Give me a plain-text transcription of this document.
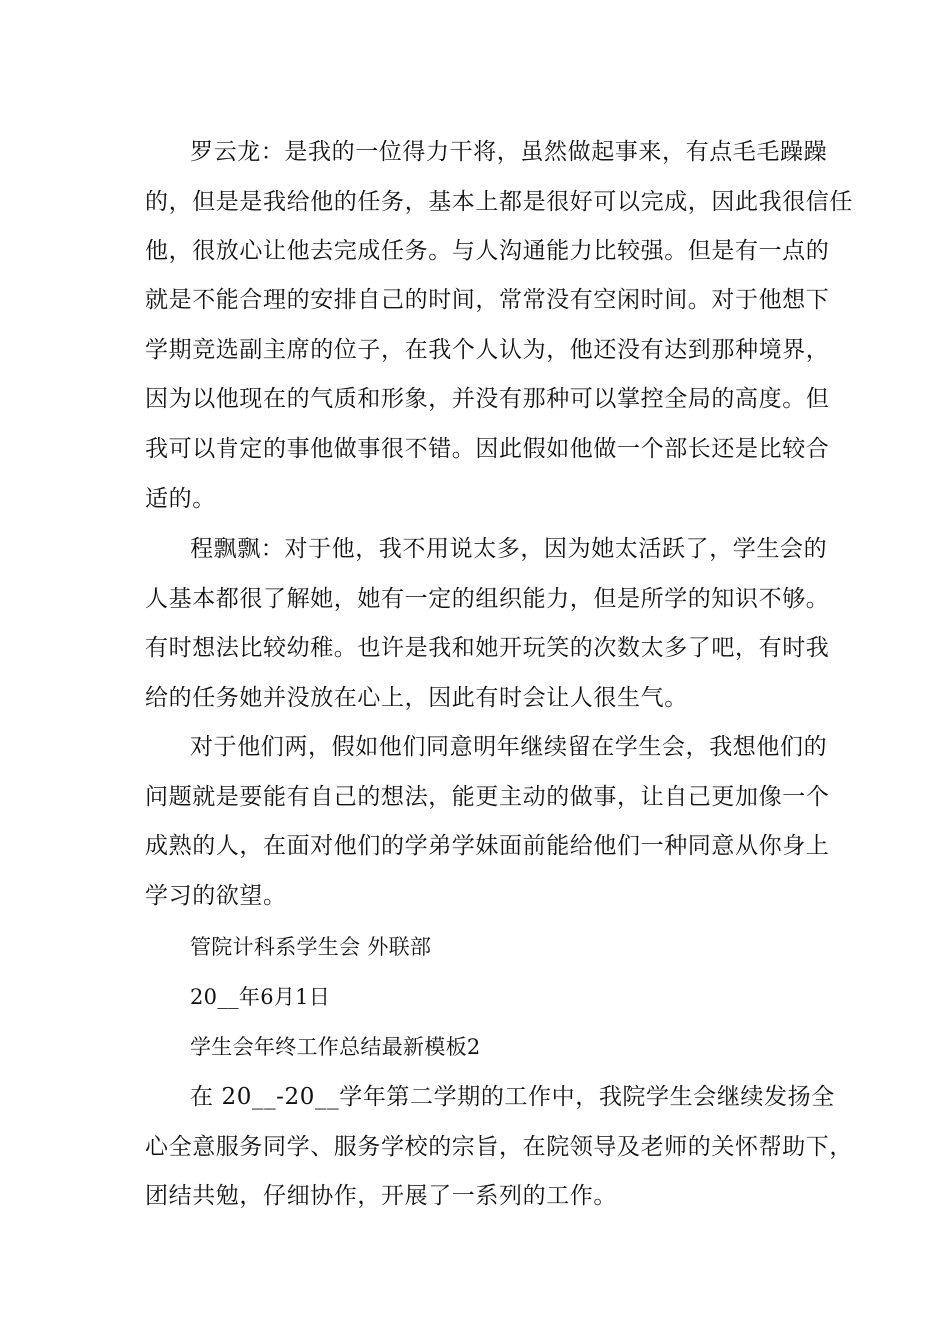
罗云龙：是我的一位得力干将，虽然做起事来，有点毛毛躁躁
的，但是是我给他的任务，基本上都是很好可以完成，因此我很信任
他，很放心让他去完成任务。与人沟通能力比较强。但是有一点的
就是不能合理的安排自己的时间，常常没有空闲时间。对于他想下
学期竞选副主席的位子，在我个人认为，他还没有达到那种境界，
因为以他现在的气质和形象，并没有那种可以掌控全局的高度。但
我可以肯定的事他做事很不错。因此假如他做一个部长还是比较合
适的。
程飘飘：对于他，我不用说太多，因为她太活跃了，学生会的
人基本都很了解她，她有一定的组织能力，但是所学的知识不够。
有时想法比较幼稚。也许是我和她开玩笑的次数太多了吧，有时我
给的任务她并没放在心上，因此有时会让人很生气。
对于他们两，假如他们同意明年继续留在学生会，我想他们的
问题就是要能有自己的想法，能更主动的做事，让自己更加像一个
成熟的人，在面对他们的学弟学妹面前能给他们一种同意从你身上
学习的欲望。
管院计科系学生会 外联部
20__年6月1日
学生会年终工作总结最新模板2
在 20__-20__学年第二学期的工作中，我院学生会继续发扬全
心全意服务同学、服务学校的宗旨，在院领导及老师的关怀帮助下，
团结共勉，仔细协作，开展了一系列的工作。
